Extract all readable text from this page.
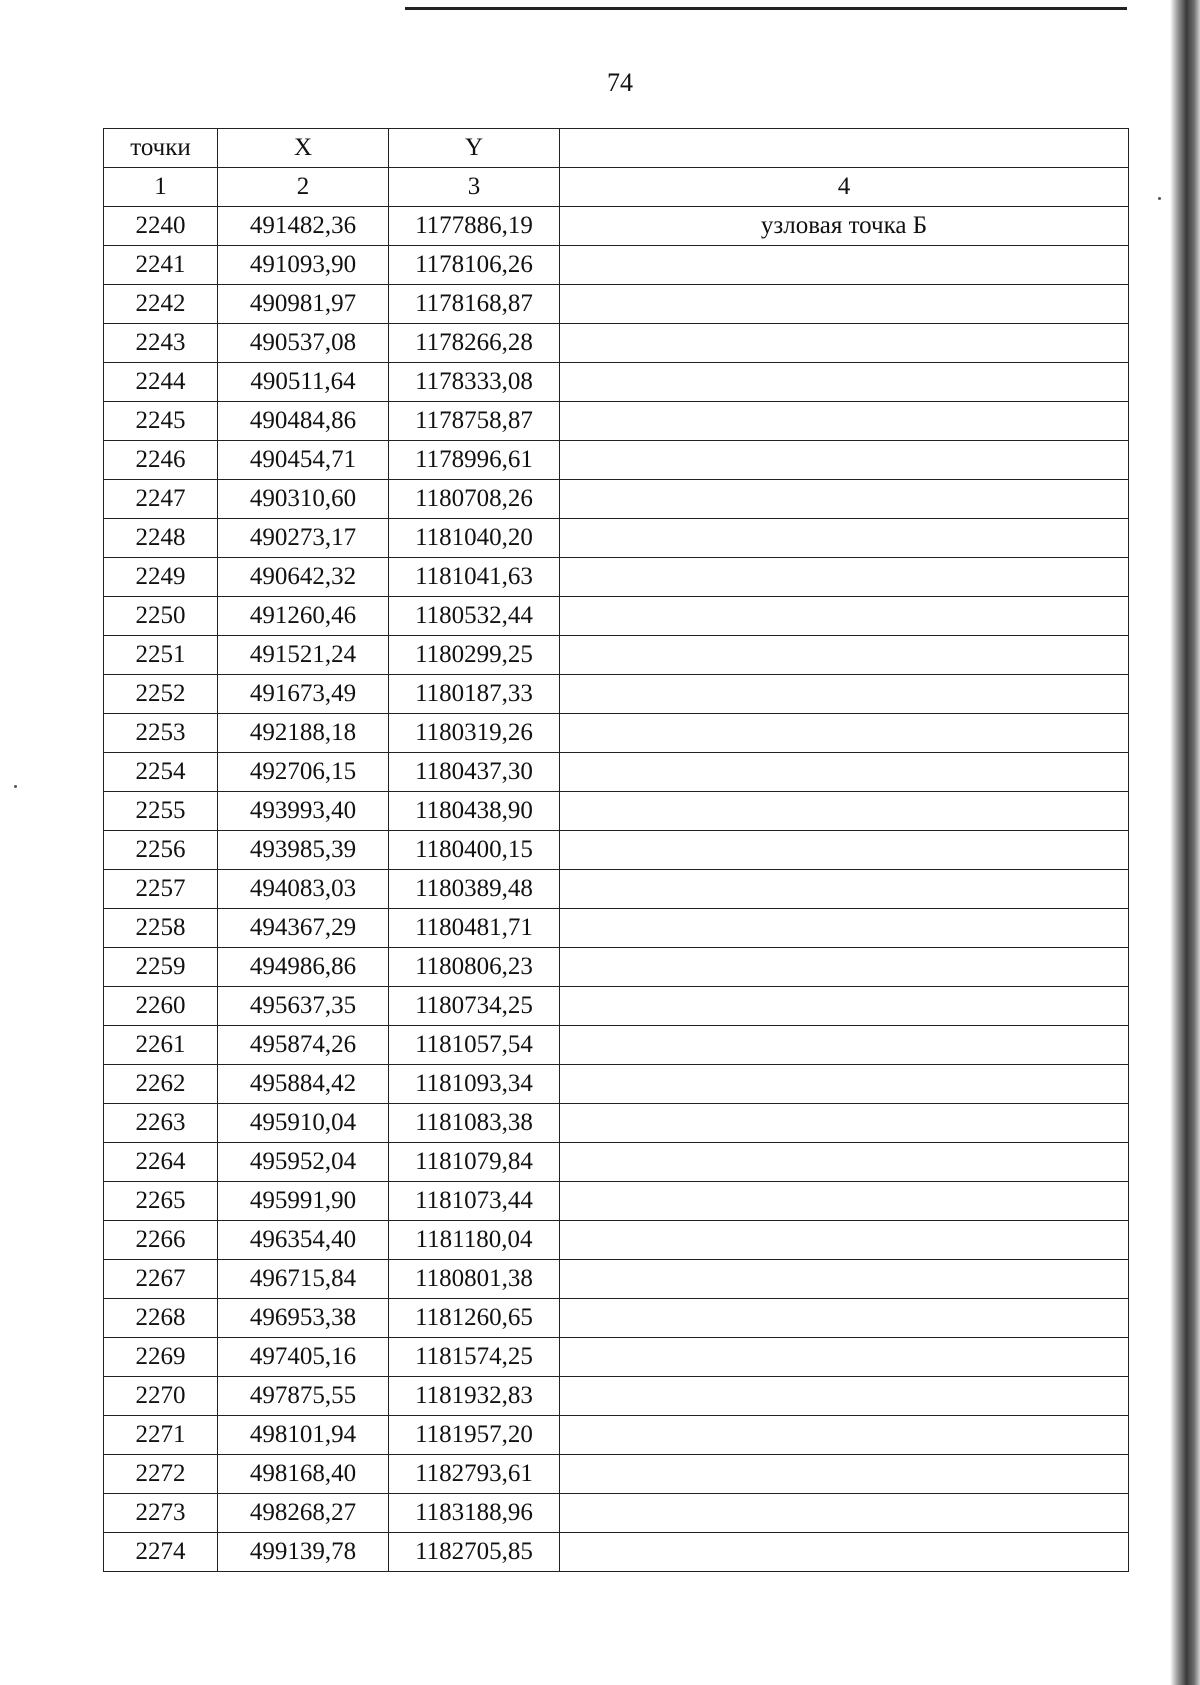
74
точки	X	Y	
1	2	3	4
2240	491482,36	1177886,19	узловая точка Б
2241	491093,90	1178106,26	
2242	490981,97	1178168,87	
2243	490537,08	1178266,28	
2244	490511,64	1178333,08	
2245	490484,86	1178758,87	
2246	490454,71	1178996,61	
2247	490310,60	1180708,26	
2248	490273,17	1181040,20	
2249	490642,32	1181041,63	
2250	491260,46	1180532,44	
2251	491521,24	1180299,25	
2252	491673,49	1180187,33	
2253	492188,18	1180319,26	
2254	492706,15	1180437,30	
2255	493993,40	1180438,90	
2256	493985,39	1180400,15	
2257	494083,03	1180389,48	
2258	494367,29	1180481,71	
2259	494986,86	1180806,23	
2260	495637,35	1180734,25	
2261	495874,26	1181057,54	
2262	495884,42	1181093,34	
2263	495910,04	1181083,38	
2264	495952,04	1181079,84	
2265	495991,90	1181073,44	
2266	496354,40	1181180,04	
2267	496715,84	1180801,38	
2268	496953,38	1181260,65	
2269	497405,16	1181574,25	
2270	497875,55	1181932,83	
2271	498101,94	1181957,20	
2272	498168,40	1182793,61	
2273	498268,27	1183188,96	
2274	499139,78	1182705,85	
